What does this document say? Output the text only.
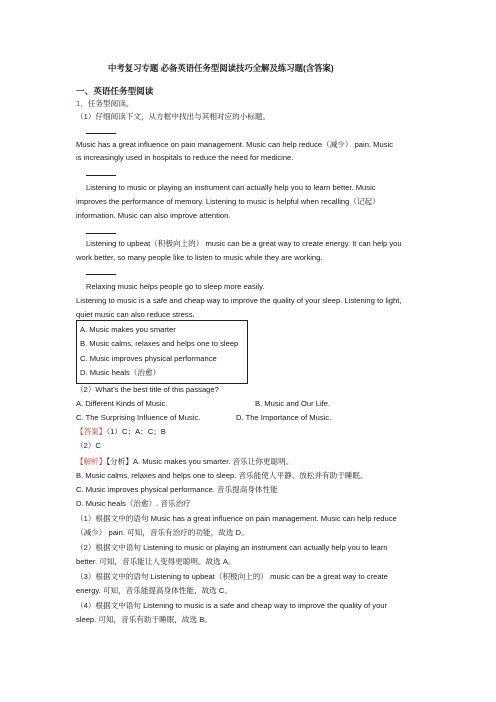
中考复习专题 必备英语任务型阅读技巧全解及练习题(含答案)
一、英语任务型阅读
1．任务型阅读。
（1）仔细阅读下文，从方框中找出与其相对应的小标题。
Music has a great influence on pain management. Music can help reduce（减少） pain. Music
is increasingly used in hospitals to reduce the need for medicine.
Listening to music or playing an instrument can actually help you to learn better. Music
improves the performance of memory. Listening to music is helpful when recalling（记起）
information. Music can also improve attention.
Listening to upbeat（积极向上的） music can be a great way to create energy. It can help you
work better, so many people like to listen to music while they are working.
Relaxing music helps people go to sleep more easily.
Listening to music is a safe and cheap way to improve the quality of your sleep. Listening to light,
quiet music can also reduce stress.
A. Music makes you smarter
B. Music calms, relaxes and helps one to sleep
C. Music improves physical performance
D. Music heals（治愈）
（2）What's the best title of this passage?
A. Different Kinds of Music.	B. Music and Our Life.
C. The Surprising Influence of Music.	D. The Importance of Music.
【答案】（1）C；A；C；B
（2）C
【解析】【分析】A. Music makes you smarter. 音乐让你更聪明。
B. Music calms, relaxes and helps one to sleep. 音乐能使人平静、放松并有助于睡眠。
C. Music improves physical performance. 音乐提高身体性能
D. Music heals（治愈）. 音乐治疗
（1）根据文中的语句 Music has a great influence on pain management. Music can help reduce
（减少） pain. 可知，音乐有治疗的功能，故选 D。
（2）根据文中语句 Listening to music or playing an instrument can actually help you to learn
better. 可知，音乐能让人变得更聪明。故选 A。
（3）根据文中的语句 Listening to upbeat（积极向上的） music can be a great way to create
energy. 可知，音乐能提高身体性能，故选 C。
（4）根据文中语句 Listening to music is a safe and cheap way to improve the quality of your
sleep. 可知，音乐有助于睡眠，故选 B。
